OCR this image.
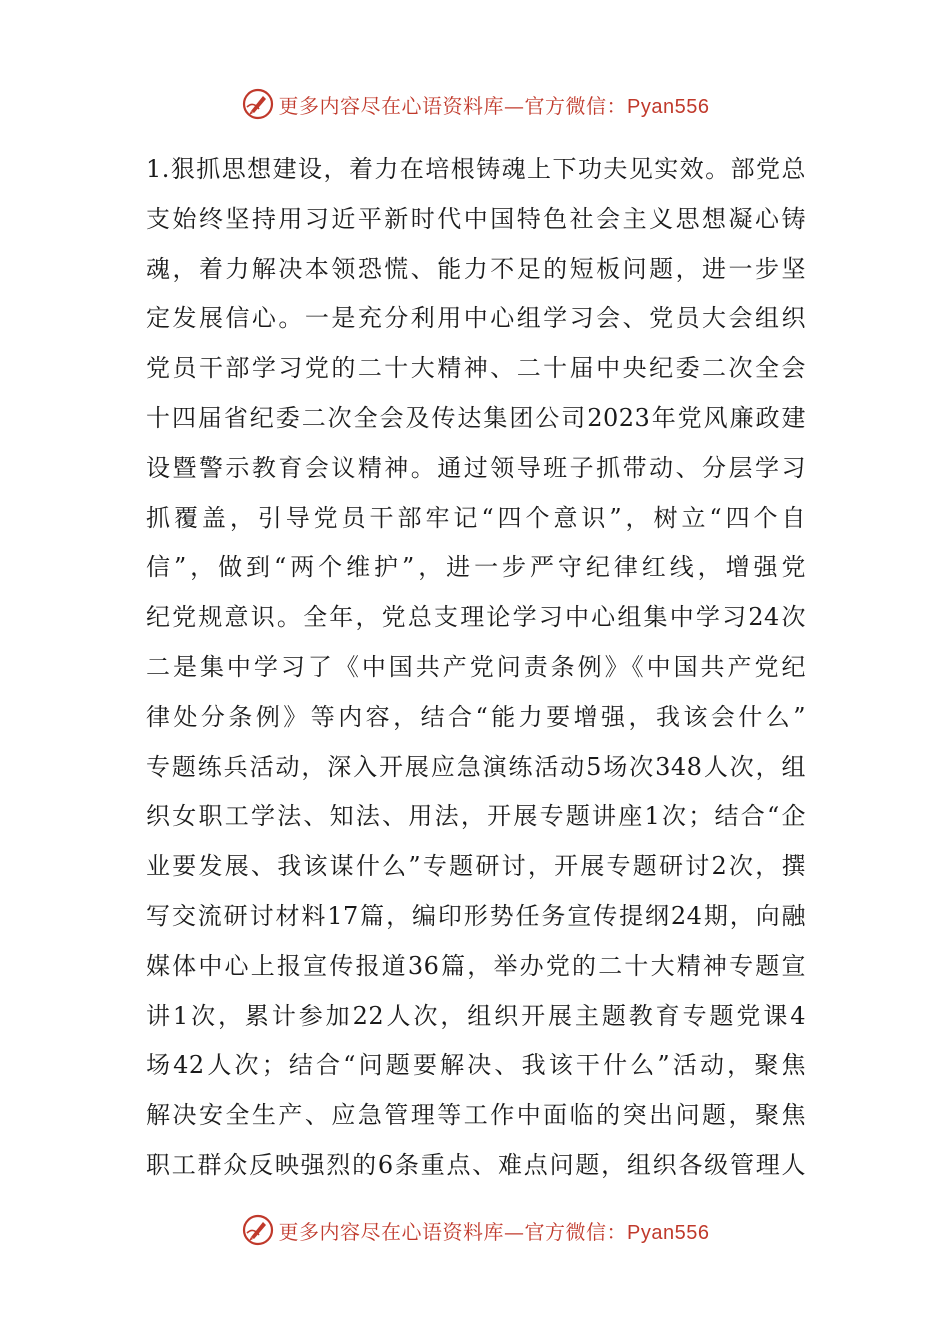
更多内容尽在心语资料库—官方微信：Pyan556
1.狠抓思想建设，着力在培根铸魂上下功夫见实效。部党总
支始终坚持用习近平新时代中国特色社会主义思想凝心铸
魂，着力解决本领恐慌、能力不足的短板问题，进一步坚
定发展信心。一是充分利用中心组学习会、党员大会组织
党员干部学习党的二十大精神、二十届中央纪委二次全会
十四届省纪委二次全会及传达集团公司2023年党风廉政建
设暨警示教育会议精神。通过领导班子抓带动、分层学习
抓覆盖，引导党员干部牢记“四个意识”，树立“四个自
信”，做到“两个维护”，进一步严守纪律红线，增强党
纪党规意识。全年，党总支理论学习中心组集中学习24次
二是集中学习了《中国共产党问责条例》《中国共产党纪
律处分条例》等内容，结合“能力要增强，我该会什么”
专题练兵活动，深入开展应急演练活动5场次348人次，组
织女职工学法、知法、用法，开展专题讲座1次；结合“企
业要发展、我该谋什么”专题研讨，开展专题研讨2次，撰
写交流研讨材料17篇，编印形势任务宣传提纲24期，向融
媒体中心上报宣传报道36篇，举办党的二十大精神专题宣
讲1次，累计参加22人次，组织开展主题教育专题党课4
场42人次；结合“问题要解决、我该干什么”活动，聚焦
解决安全生产、应急管理等工作中面临的突出问题，聚焦
职工群众反映强烈的6条重点、难点问题，组织各级管理人
更多内容尽在心语资料库—官方微信：Pyan556
